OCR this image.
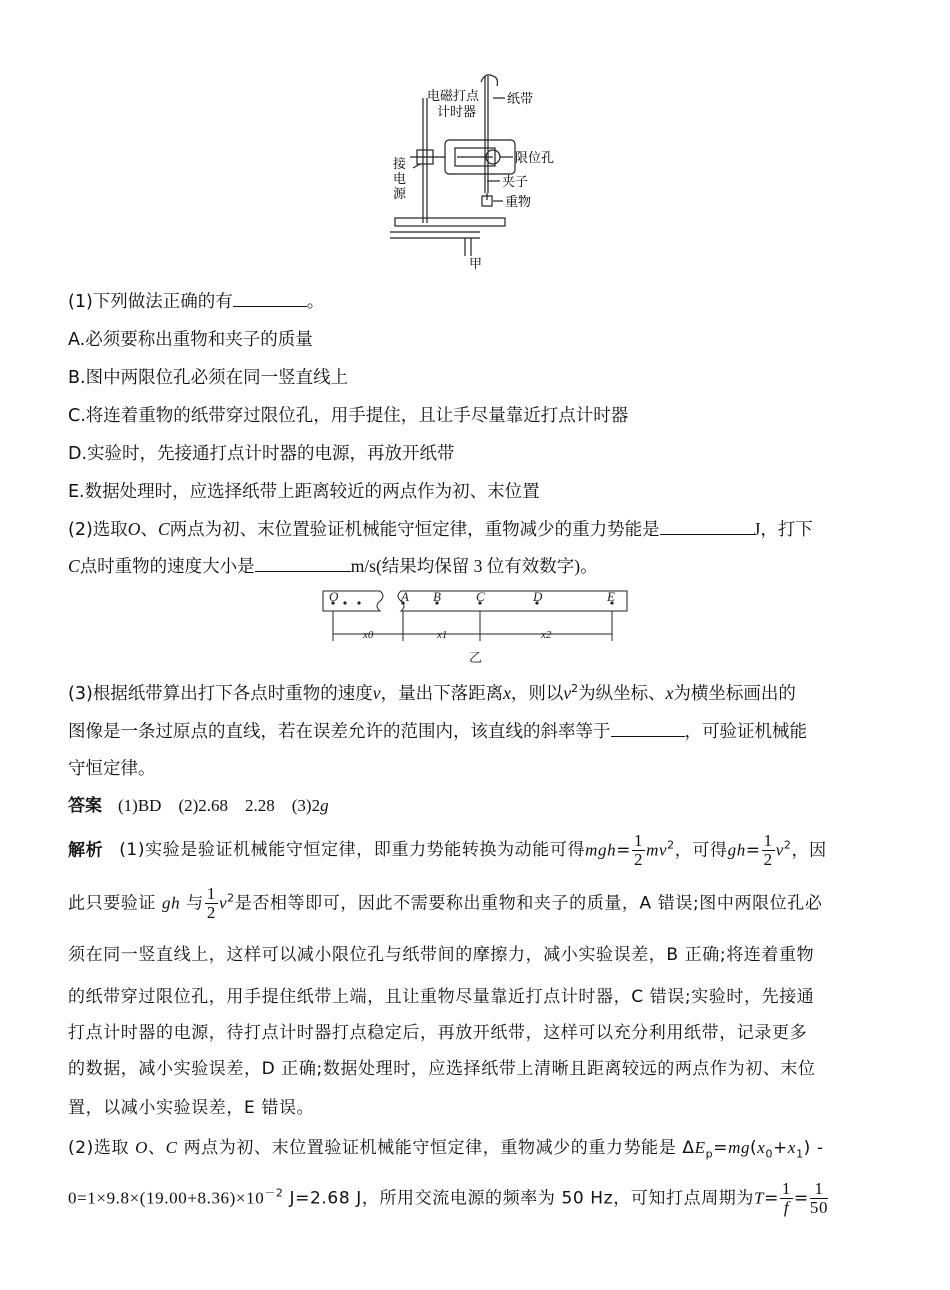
电磁打点
计时器
纸带
限位孔
夹子
重物
接
电
源
甲
(1)下列做法正确的有	。
A.必须要称出重物和夹子的质量
B.图中两限位孔必须在同一竖直线上
C.将连着重物的纸带穿过限位孔，用手提住，且让手尽量靠近打点计时器
D.实验时，先接通打点计时器的电源，再放开纸带
E.数据处理时，应选择纸带上距离较近的两点作为初、末位置
(2)选取O、C两点为初、末位置验证机械能守恒定律，重物减少的重力势能是	J，打下
C点时重物的速度大小是	m/s(结果均保留 3 位有效数字)。
O	A B	C	D	E
x0	x1	x2
乙
(3)根据纸带算出打下各点时重物的速度v，量出下落距离x，则以$v^2$为纵坐标、x为横坐标画出的
图像是一条过原点的直线，若在误差允许的范围内，该直线的斜率等于	，可验证机械能
守恒定律。
答案 (1)BD　(2)2.68　2.28　(3)2g
解析 (1)实验是验证机械能守恒定律，即重力势能转换为动能可得$mgh= \frac{1}{2} mv^2$，可得$gh= \frac{1}{2} v^2$，因
此只要验证 gh 与 $\frac{1}{2} v^2$是否相等即可，因此不需要称出重物和夹子的质量，A 错误;图中两限位孔必
须在同一竖直线上，这样可以减小限位孔与纸带间的摩擦力，减小实验误差，B 正确;将连着重物
的纸带穿过限位孔，用手提住纸带上端，且让重物尽量靠近打点计时器，C 错误;实验时，先接通
打点计时器的电源，待打点计时器打点稳定后，再放开纸带，这样可以充分利用纸带，记录更多
的数据，减小实验误差，D 正确;数据处理时，应选择纸带上清晰且距离较远的两点作为初、末位
置，以减小实验误差，E 错误。
(2)选取 O、C 两点为初、末位置验证机械能守恒定律，重物减少的重力势能是 $\Delta E_p=mg(x_0+x_1)$ -
$0=1\times 9.8\times(19.00+8.36)\times 10^{-2}$ J=2.68 J，所用交流电源的频率为 50 Hz，可知打点周期为$T= \frac{1}{f}= \frac{1}{50}$
